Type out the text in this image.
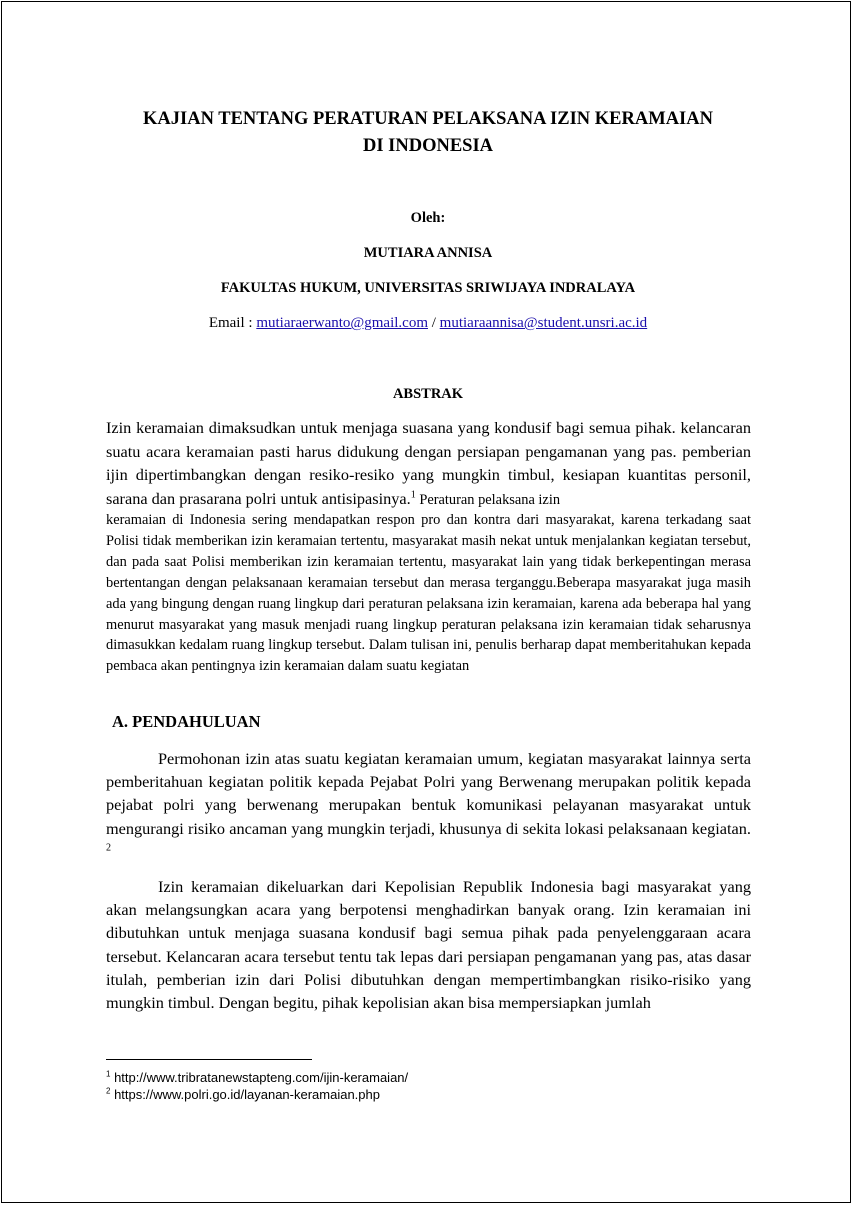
KAJIAN TENTANG PERATURAN PELAKSANA IZIN KERAMAIAN
DI INDONESIA
Oleh:
MUTIARA ANNISA
FAKULTAS HUKUM, UNIVERSITAS SRIWIJAYA INDRALAYA
Email : mutiaraerwanto@gmail.com / mutiaraannisa@student.unsri.ac.id
ABSTRAK
Izin keramaian dimaksudkan untuk menjaga suasana yang kondusif bagi semua pihak. kelancaran suatu acara keramaian pasti harus didukung dengan persiapan pengamanan yang pas. pemberian ijin dipertimbangkan dengan resiko-resiko yang mungkin timbul, kesiapan kuantitas personil, sarana dan prasarana polri untuk antisipasinya.$^1$ Peraturan pelaksana izin
keramaian di Indonesia sering mendapatkan respon pro dan kontra dari masyarakat, karena terkadang saat Polisi tidak memberikan izin keramaian tertentu, masyarakat masih nekat untuk menjalankan kegiatan tersebut, dan pada saat Polisi memberikan izin keramaian tertentu, masyarakat lain yang tidak berkepentingan merasa bertentangan dengan pelaksanaan keramaian tersebut dan merasa terganggu.Beberapa masyarakat juga masih ada yang bingung dengan ruang lingkup dari peraturan pelaksana izin keramaian, karena ada beberapa hal yang menurut masyarakat yang masuk menjadi ruang lingkup peraturan pelaksana izin keramaian tidak seharusnya dimasukkan kedalam ruang lingkup tersebut. Dalam tulisan ini, penulis berharap dapat memberitahukan kepada pembaca akan pentingnya izin keramaian dalam suatu kegiatan
A. PENDAHULUAN
Permohonan izin atas suatu kegiatan keramaian umum, kegiatan masyarakat lainnya serta pemberitahuan kegiatan politik kepada Pejabat Polri yang Berwenang merupakan politik kepada pejabat polri yang berwenang merupakan bentuk komunikasi pelayanan masyarakat untuk mengurangi risiko ancaman yang mungkin terjadi, khusunya di sekita lokasi pelaksanaan kegiatan. $^2$
Izin keramaian dikeluarkan dari Kepolisian Republik Indonesia bagi masyarakat yang akan melangsungkan acara yang berpotensi menghadirkan banyak orang. Izin keramaian ini dibutuhkan untuk menjaga suasana kondusif bagi semua pihak pada penyelenggaraan acara tersebut. Kelancaran acara tersebut tentu tak lepas dari persiapan pengamanan yang pas, atas dasar itulah, pemberian izin dari Polisi dibutuhkan dengan mempertimbangkan risiko-risiko yang mungkin timbul. Dengan begitu, pihak kepolisian akan bisa mempersiapkan jumlah
$^1$ http://www.tribratanewstapteng.com/ijin-keramaian/
$^2$ https://www.polri.go.id/layanan-keramaian.php
